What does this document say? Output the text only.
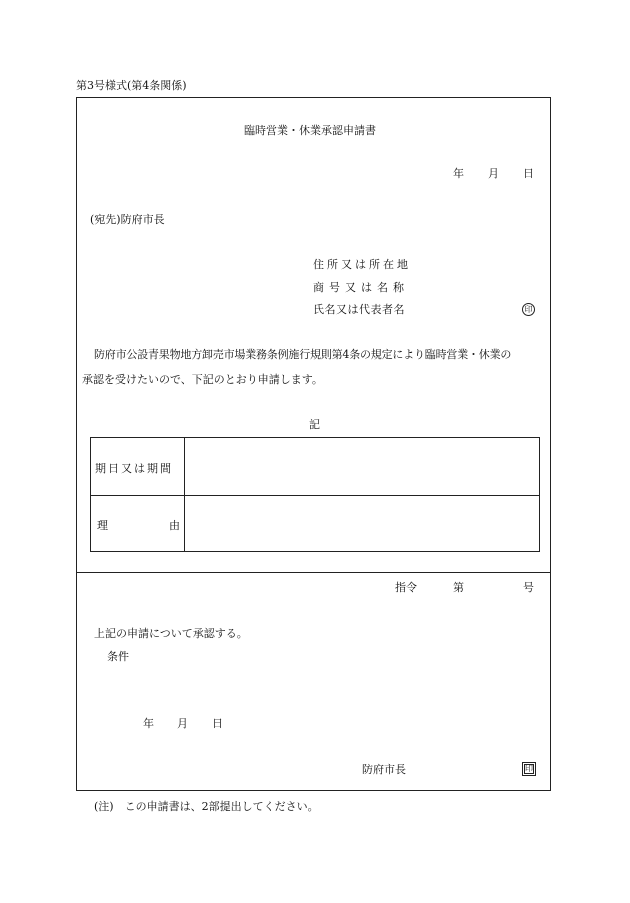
第3号様式(第4条関係)
臨時営業・休業承認申請書
年 月 日
(宛先)防府市長
住所又は所在地
商号又は名称
氏名又は代表者名	印
防府市公設青果物地方卸売市場業務条例施行規則第4条の規定により臨時営業・休業の
承認を受けたいので、下記のとおり申請します。
記
期日又は期間
理	由
指令	第	号
上記の申請について承認する。
条件
年 月 日
防府市長	印
(注)　この申請書は、2部提出してください。
